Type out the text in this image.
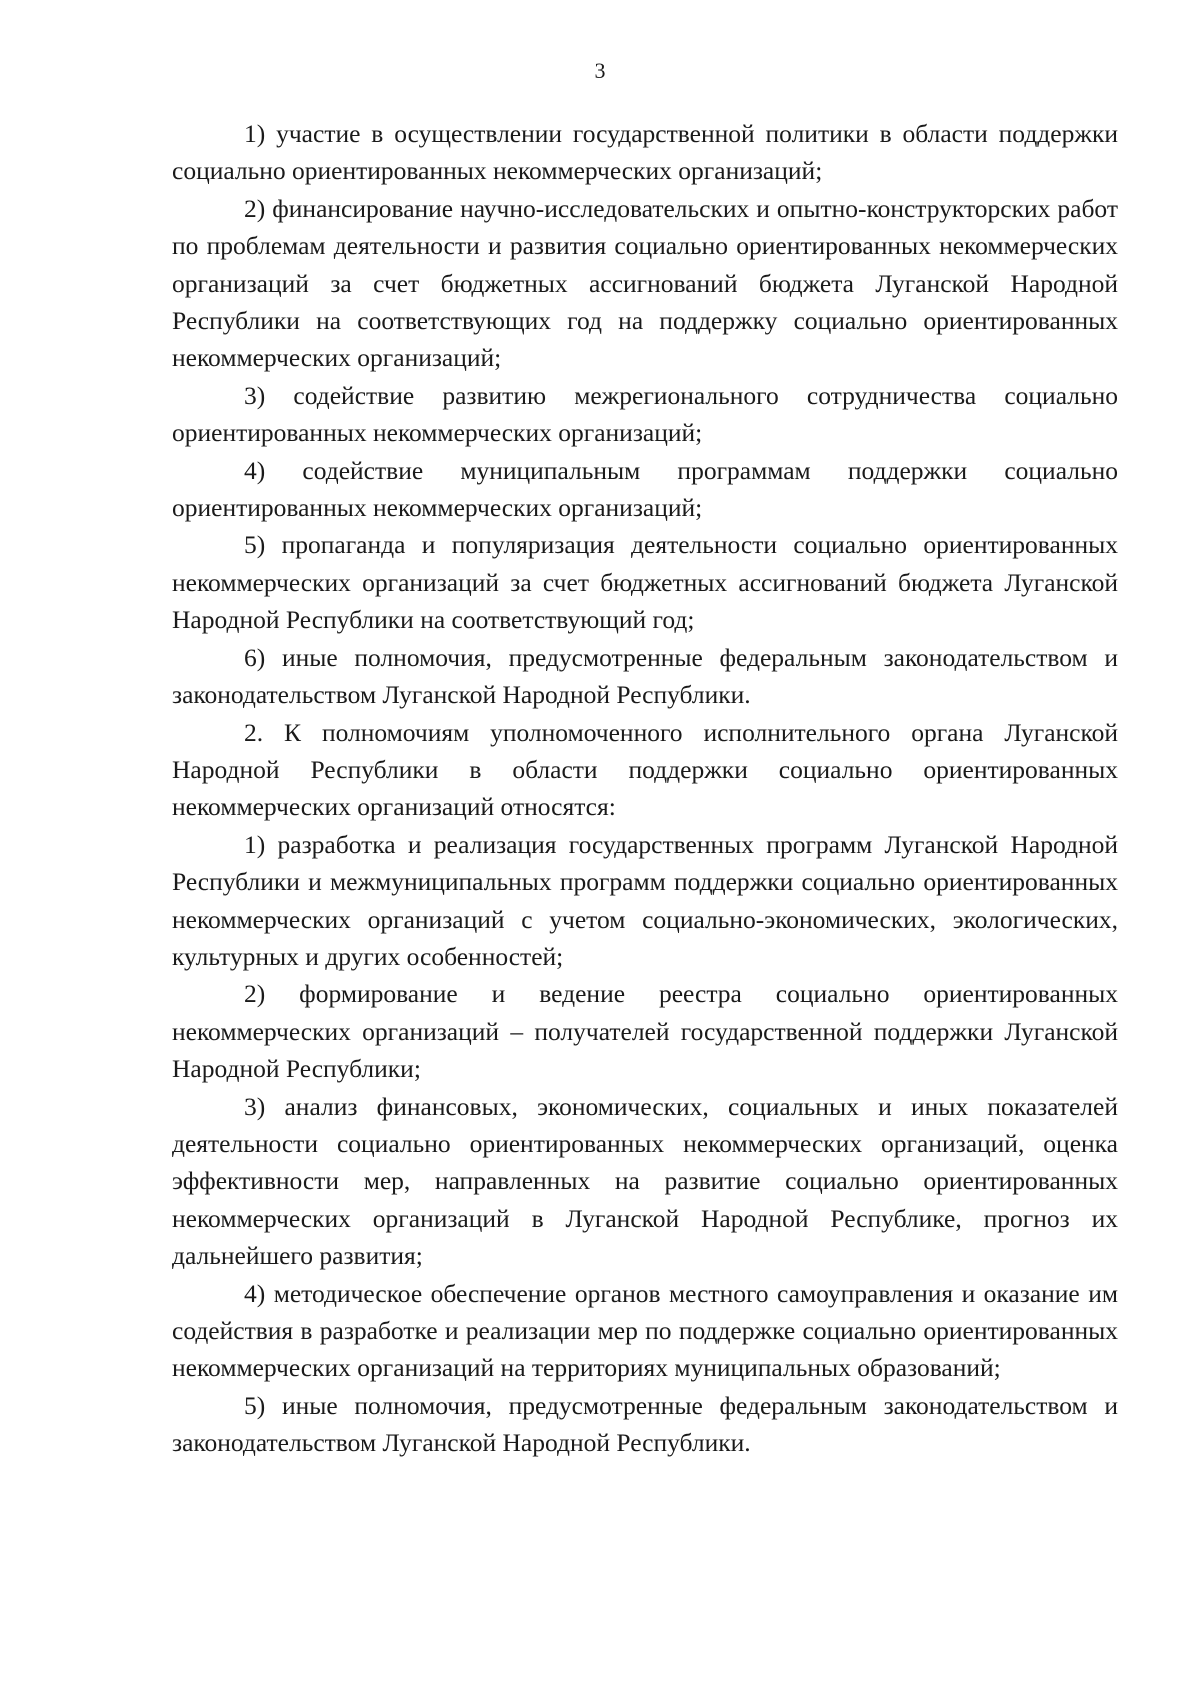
3

1) участие в осуществлении государственной политики в области поддержки социально ориентированных некоммерческих организаций;

2) финансирование научно-исследовательских и опытно-конструкторских работ по проблемам деятельности и развития социально ориентированных некоммерческих организаций за счет бюджетных ассигнований бюджета Луганской Народной Республики на соответствующих год на поддержку социально ориентированных некоммерческих организаций;

3) содействие развитию межрегионального сотрудничества социально ориентированных некоммерческих организаций;

4) содействие муниципальным программам поддержки социально ориентированных некоммерческих организаций;

5) пропаганда и популяризация деятельности социально ориентированных некоммерческих организаций за счет бюджетных ассигнований бюджета Луганской Народной Республики на соответствующий год;

6) иные полномочия, предусмотренные федеральным законодательством и законодательством Луганской Народной Республики.

2. К полномочиям уполномоченного исполнительного органа Луганской Народной Республики в области поддержки социально ориентированных некоммерческих организаций относятся:

1) разработка и реализация государственных программ Луганской Народной Республики и межмуниципальных программ поддержки социально ориентированных некоммерческих организаций с учетом социально-экономических, экологических, культурных и других особенностей;

2) формирование и ведение реестра социально ориентированных некоммерческих организаций – получателей государственной поддержки Луганской Народной Республики;

3) анализ финансовых, экономических, социальных и иных показателей деятельности социально ориентированных некоммерческих организаций, оценка эффективности мер, направленных на развитие социально ориентированных некоммерческих организаций в Луганской Народной Республике, прогноз их дальнейшего развития;

4) методическое обеспечение органов местного самоуправления и оказание им содействия в разработке и реализации мер по поддержке социально ориентированных некоммерческих организаций на территориях муниципальных образований;

5) иные полномочия, предусмотренные федеральным законодательством и законодательством Луганской Народной Республики.
